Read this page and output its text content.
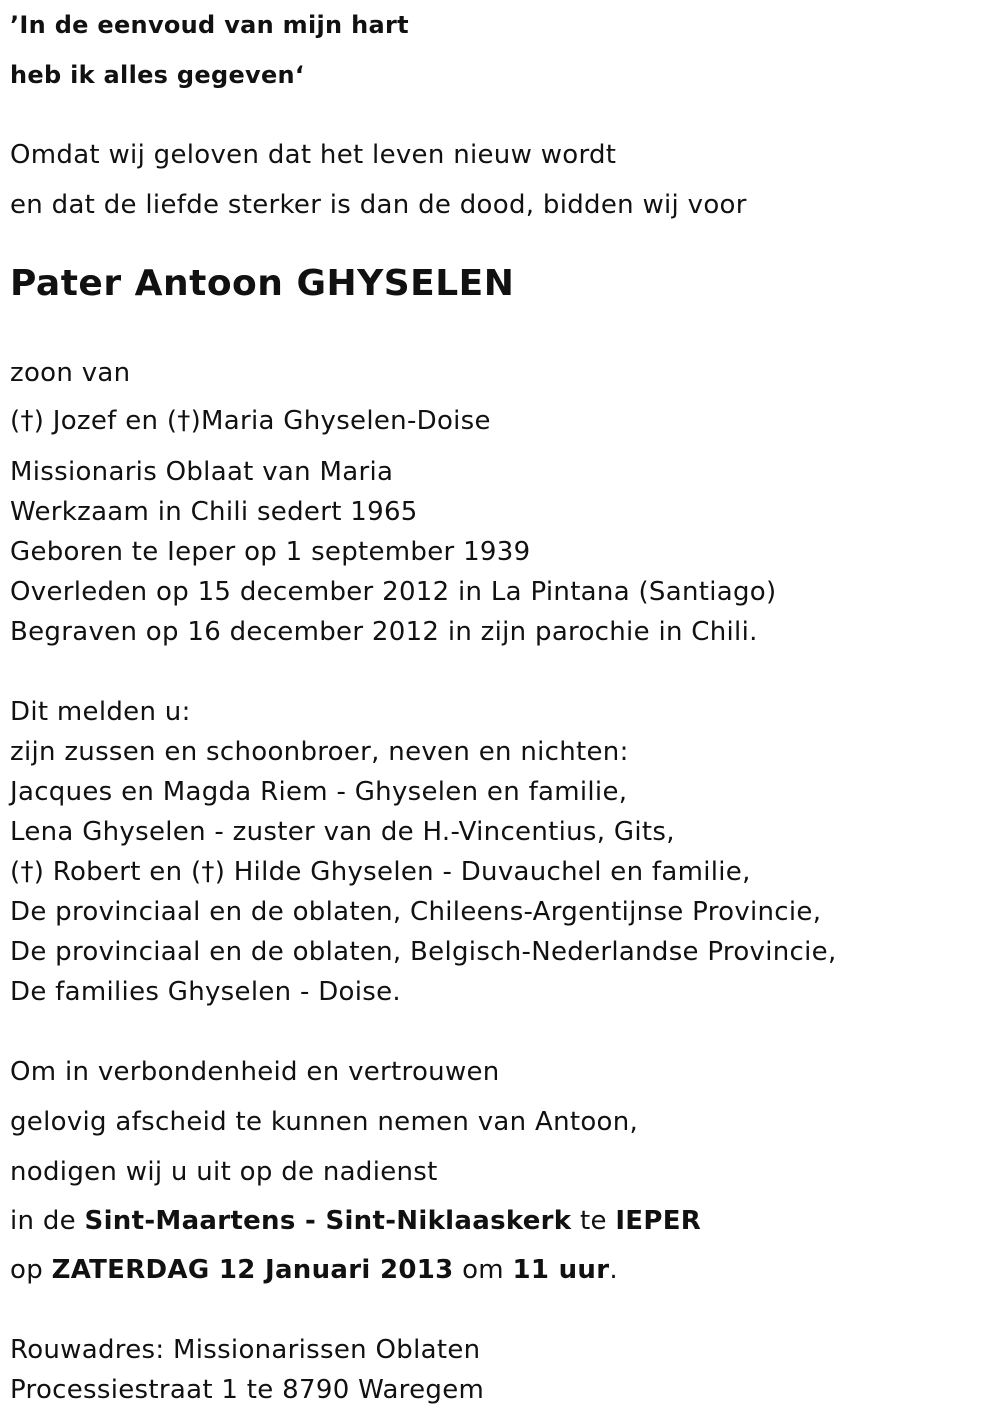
’In de eenvoud van mijn hart
heb ik alles gegeven‘
Omdat wij geloven dat het leven nieuw wordt
en dat de liefde sterker is dan de dood, bidden wij voor
Pater Antoon GHYSELEN
zoon van
(†) Jozef en (†)Maria Ghyselen-Doise
Missionaris Oblaat van Maria
Werkzaam in Chili sedert 1965
Geboren te Ieper op 1 september 1939
Overleden op 15 december 2012 in La Pintana (Santiago)
Begraven op 16 december 2012 in zijn parochie in Chili.
Dit melden u:
zijn zussen en schoonbroer, neven en nichten:
Jacques en Magda Riem - Ghyselen en familie,
Lena Ghyselen - zuster van de H.-Vincentius, Gits,
(†) Robert en (†) Hilde Ghyselen - Duvauchel en familie,
De provinciaal en de oblaten, Chileens-Argentijnse Provincie,
De provinciaal en de oblaten, Belgisch-Nederlandse Provincie,
De families Ghyselen - Doise.
Om in verbondenheid en vertrouwen
gelovig afscheid te kunnen nemen van Antoon,
nodigen wij u uit op de nadienst
in de Sint-Maartens - Sint-Niklaaskerk te IEPER
op ZATERDAG 12 Januari 2013 om 11 uur.
Rouwadres: Missionarissen Oblaten
Processiestraat 1 te 8790 Waregem
